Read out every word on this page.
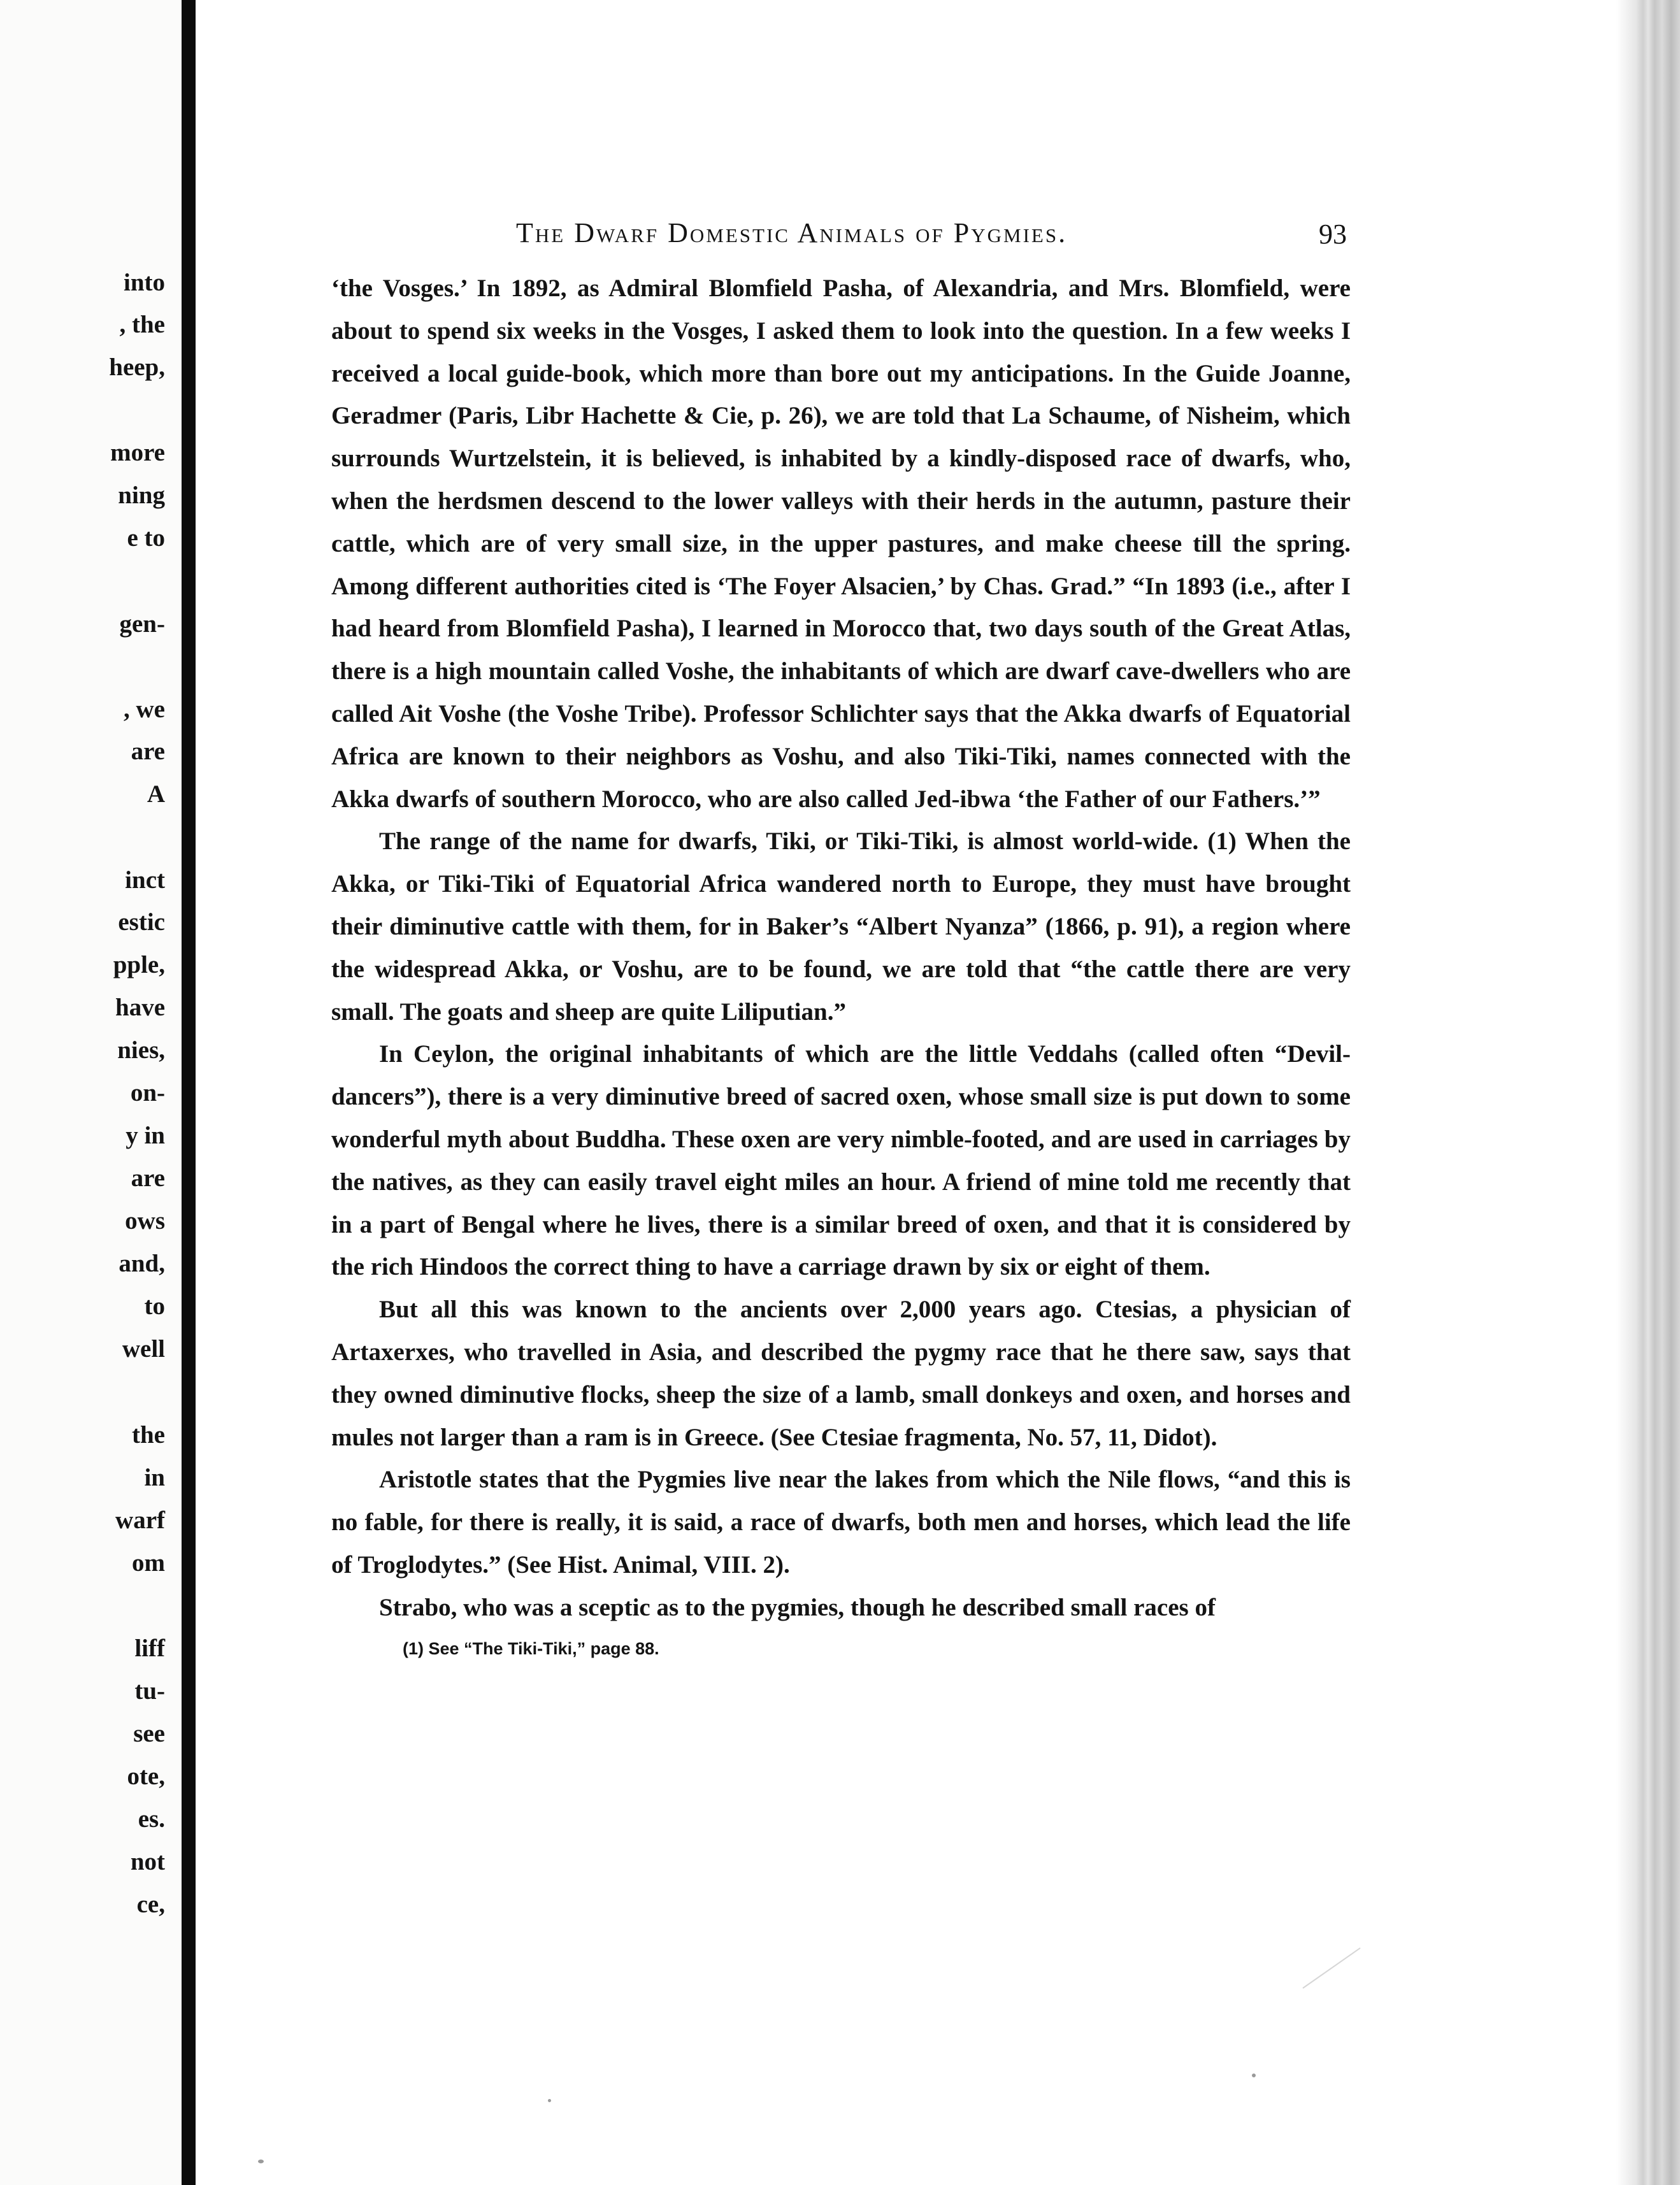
into
, the
heep,
more
ning
e to
gen-
, we
are
A
inct
estic
pple,
have
nies,
on-
y in
are
ows
and,
to
well
the
in
warf
om
liff
tu-
see
ote,
es.
not
ce,
The Dwarf Domestic Animals of Pygmies.	93

‘the Vosges.’ In 1892, as Admiral Blomfield Pasha, of Alexandria, and Mrs. Blomfield, were about to spend six weeks in the Vosges, I asked them to look into the question. In a few weeks I received a local guide-book, which more than bore out my anticipations. In the Guide Joanne, Geradmer (Paris, Libr Hachette & Cie, p. 26), we are told that La Schaume, of Nisheim, which surrounds Wurtzelstein, it is believed, is inhabited by a kindly-disposed race of dwarfs, who, when the herdsmen descend to the lower valleys with their herds in the autumn, pasture their cattle, which are of very small size, in the upper pastures, and make cheese till the spring. Among different authorities cited is ‘The Foyer Alsacien,’ by Chas. Grad.” “In 1893 (i.e., after I had heard from Blomfield Pasha), I learned in Morocco that, two days south of the Great Atlas, there is a high mountain called Voshe, the inhabitants of which are dwarf cave-dwellers who are called Ait Voshe (the Voshe Tribe). Professor Schlichter says that the Akka dwarfs of Equatorial Africa are known to their neighbors as Voshu, and also Tiki-Tiki, names connected with the Akka dwarfs of southern Morocco, who are also called Jed-ibwa ‘the Father of our Fathers.’”

The range of the name for dwarfs, Tiki, or Tiki-Tiki, is almost world-wide. (1) When the Akka, or Tiki-Tiki of Equatorial Africa wandered north to Europe, they must have brought their diminutive cattle with them, for in Baker’s “Albert Nyanza” (1866, p. 91), a region where the widespread Akka, or Voshu, are to be found, we are told that “the cattle there are very small. The goats and sheep are quite Liliputian.”

In Ceylon, the original inhabitants of which are the little Veddahs (called often “Devil-dancers”), there is a very diminutive breed of sacred oxen, whose small size is put down to some wonderful myth about Buddha. These oxen are very nimble-footed, and are used in carriages by the natives, as they can easily travel eight miles an hour. A friend of mine told me recently that in a part of Bengal where he lives, there is a similar breed of oxen, and that it is considered by the rich Hindoos the correct thing to have a carriage drawn by six or eight of them.

But all this was known to the ancients over 2,000 years ago. Ctesias, a physician of Artaxerxes, who travelled in Asia, and described the pygmy race that he there saw, says that they owned diminutive flocks, sheep the size of a lamb, small donkeys and oxen, and horses and mules not larger than a ram is in Greece. (See Ctesiae fragmenta, No. 57, 11, Didot).

Aristotle states that the Pygmies live near the lakes from which the Nile flows, “and this is no fable, for there is really, it is said, a race of dwarfs, both men and horses, which lead the life of Troglodytes.” (See Hist. Animal, VIII. 2).

Strabo, who was a sceptic as to the pygmies, though he described small races of

(1) See “The Tiki-Tiki,” page 88.
